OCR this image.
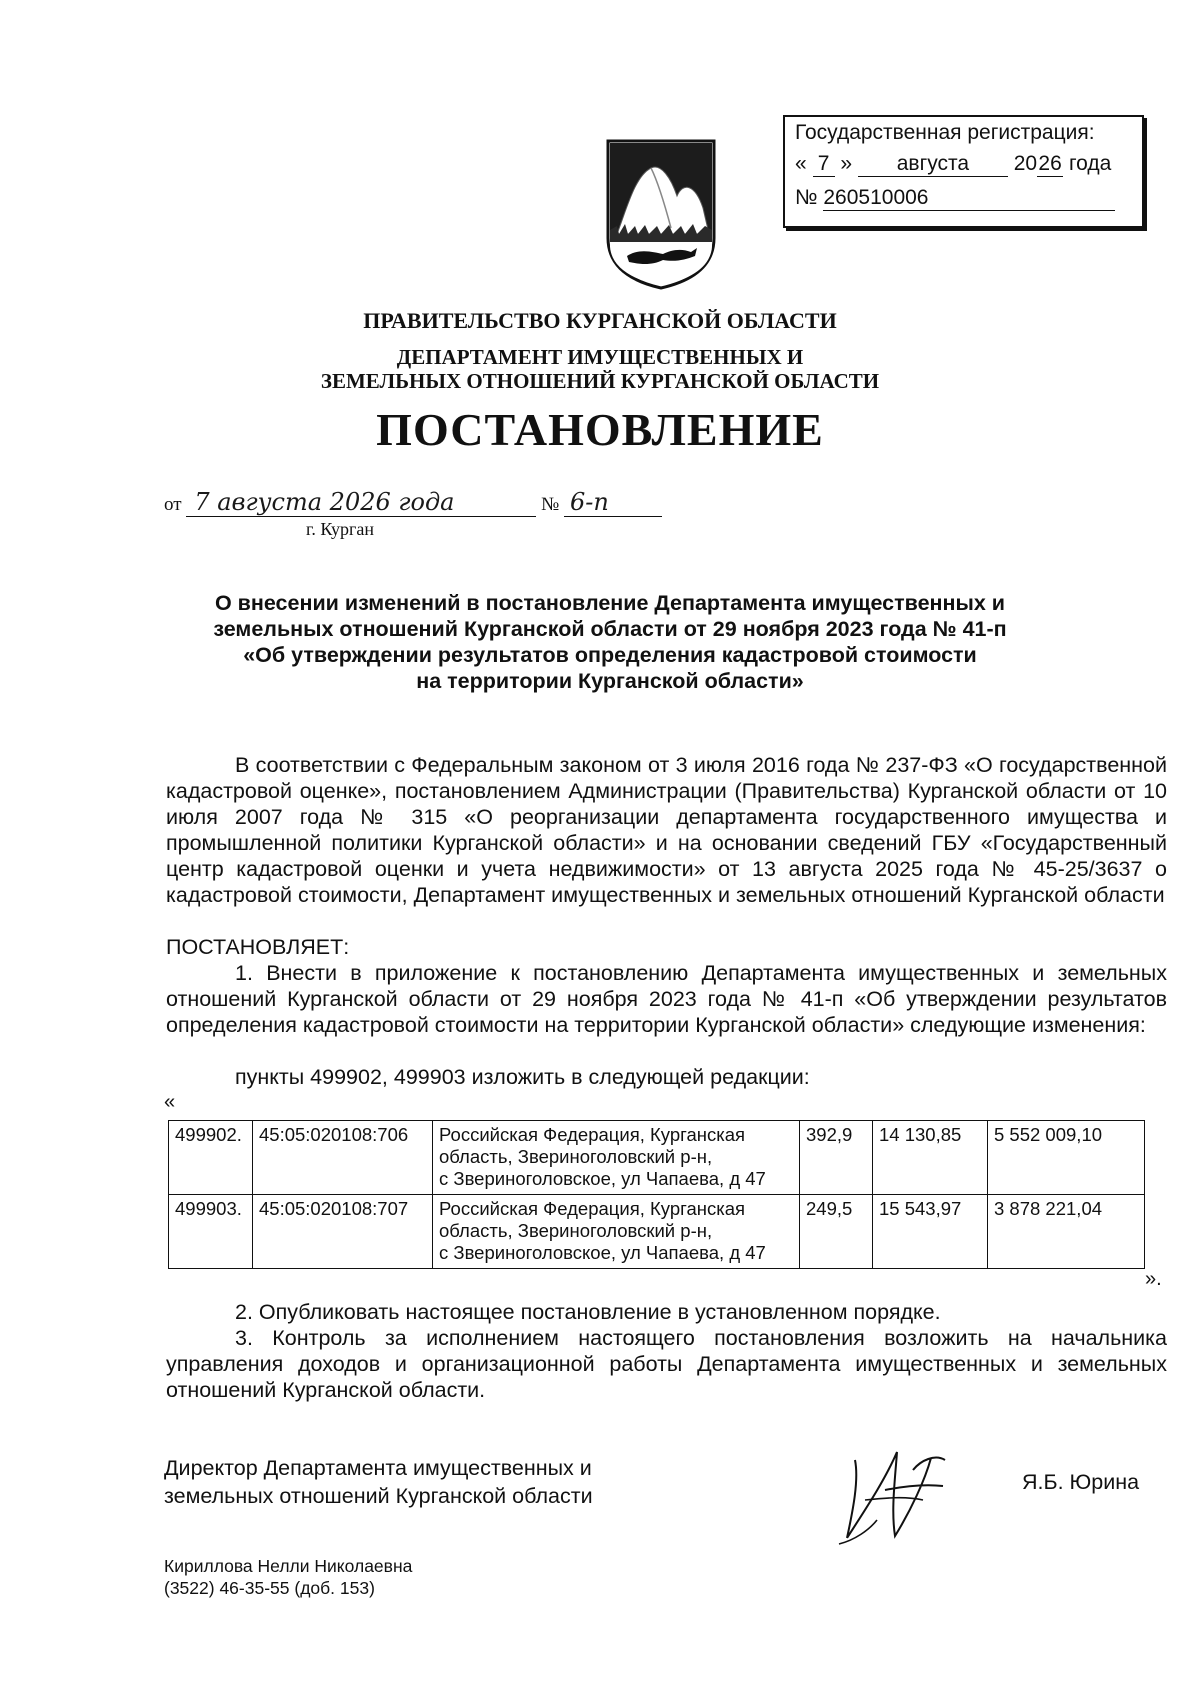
Государственная регистрация:
« 7 » августа 2026 года
№ 260510006
ПРАВИТЕЛЬСТВО КУРГАНСКОЙ ОБЛАСТИ
ДЕПАРТАМЕНТ ИМУЩЕСТВЕННЫХ И
ЗЕМЕЛЬНЫХ ОТНОШЕНИЙ КУРГАНСКОЙ ОБЛАСТИ
ПОСТАНОВЛЕНИЕ
от 7 августа 2026 года	№ 6-п
г. Курган
О внесении изменений в постановление Департамента имущественных и
земельных отношений Курганской области от 29 ноября 2023 года № 41-п
«Об утверждении результатов определения кадастровой стоимости
на территории Курганской области»
В соответствии с Федеральным законом от 3 июля 2016 года № 237-ФЗ «О государственной кадастровой оценке», постановлением Администрации (Правительства) Курганской области от 10 июля 2007 года № 315 «О реорганизации департамента государственного имущества и промышленной политики Курганской области» и на основании сведений ГБУ «Государственный центр кадастровой оценки и учета недвижимости» от 13 августа 2025 года № 45-25/3637 о кадастровой стоимости, Департамент имущественных и земельных отношений Курганской области
ПОСТАНОВЛЯЕТ:
1. Внести в приложение к постановлению Департамента имущественных и земельных отношений Курганской области от 29 ноября 2023 года № 41-п «Об утверждении результатов определения кадастровой стоимости на территории Курганской области» следующие изменения:
пункты 499902, 499903 изложить в следующей редакции:
«
499902.	45:05:020108:706	Российская Федерация, Курганская
область, Звериноголовский р-н,
с Звериноголовское, ул Чапаева, д 47	392,9	14 130,85	5 552 009,10
499903.	45:05:020108:707	Российская Федерация, Курганская
область, Звериноголовский р-н,
с Звериноголовское, ул Чапаева, д 47	249,5	15 543,97	3 878 221,04
».
2. Опубликовать настоящее постановление в установленном порядке.
3. Контроль за исполнением настоящего постановления возложить на начальника управления доходов и организационной работы Департамента имущественных и земельных отношений Курганской области.
Директор Департамента имущественных и
земельных отношений Курганской области
Я.Б. Юрина
Кириллова Нелли Николаевна
(3522) 46-35-55 (доб. 153)
